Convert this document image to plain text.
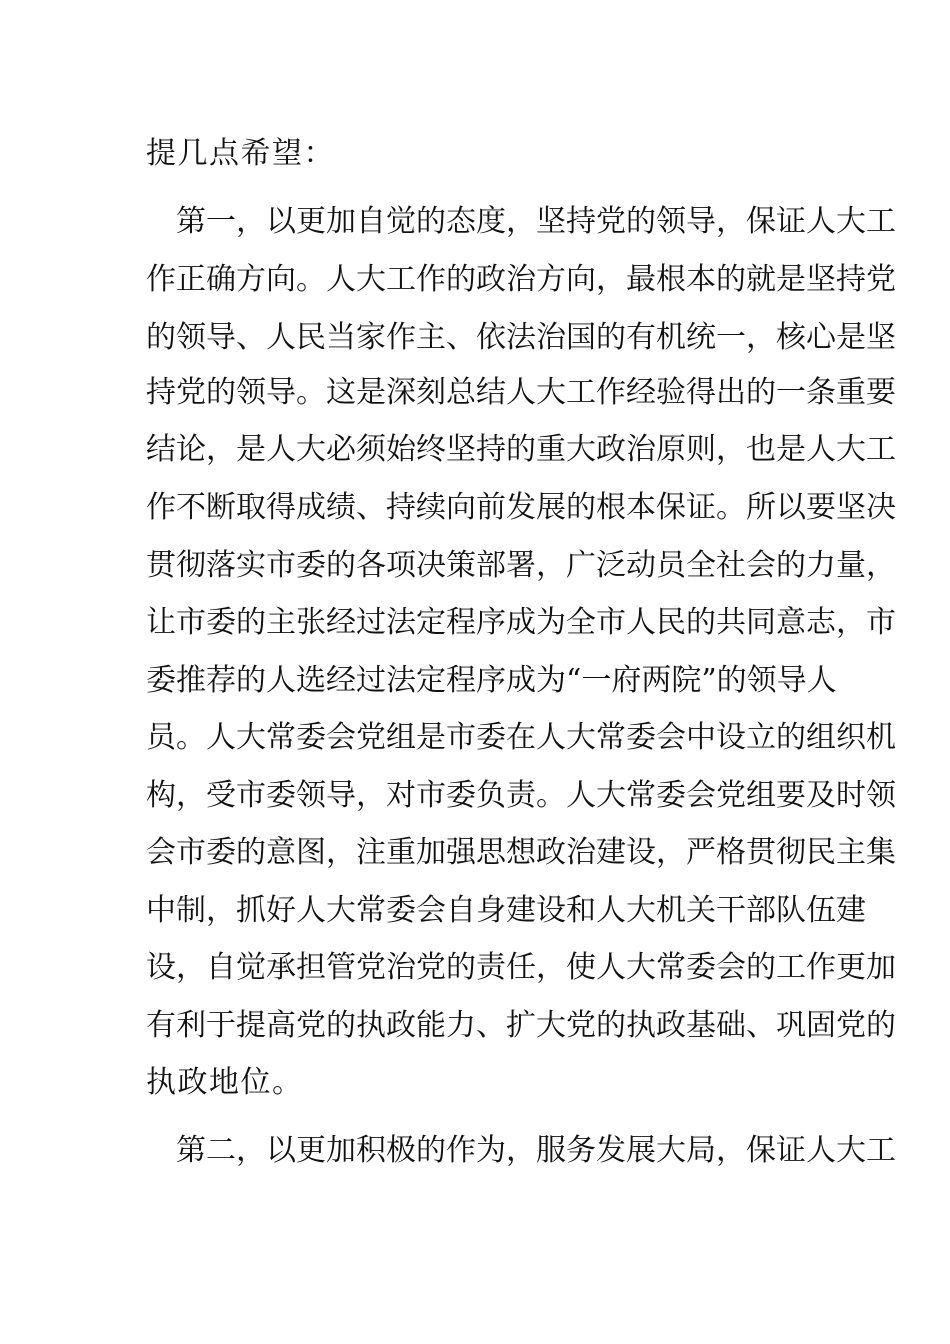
提几点希望：
第一，以更加自觉的态度，坚持党的领导，保证人大工
作正确方向。人大工作的政治方向，最根本的就是坚持党
的领导、人民当家作主、依法治国的有机统一，核心是坚
持党的领导。这是深刻总结人大工作经验得出的一条重要
结论，是人大必须始终坚持的重大政治原则，也是人大工
作不断取得成绩、持续向前发展的根本保证。所以要坚决
贯彻落实市委的各项决策部署，广泛动员全社会的力量，
让市委的主张经过法定程序成为全市人民的共同意志，市
委推荐的人选经过法定程序成为“一府两院”的领导人
员。人大常委会党组是市委在人大常委会中设立的组织机
构，受市委领导，对市委负责。人大常委会党组要及时领
会市委的意图，注重加强思想政治建设，严格贯彻民主集
中制，抓好人大常委会自身建设和人大机关干部队伍建
设，自觉承担管党治党的责任，使人大常委会的工作更加
有利于提高党的执政能力、扩大党的执政基础、巩固党的
执政地位。
第二，以更加积极的作为，服务发展大局，保证人大工
